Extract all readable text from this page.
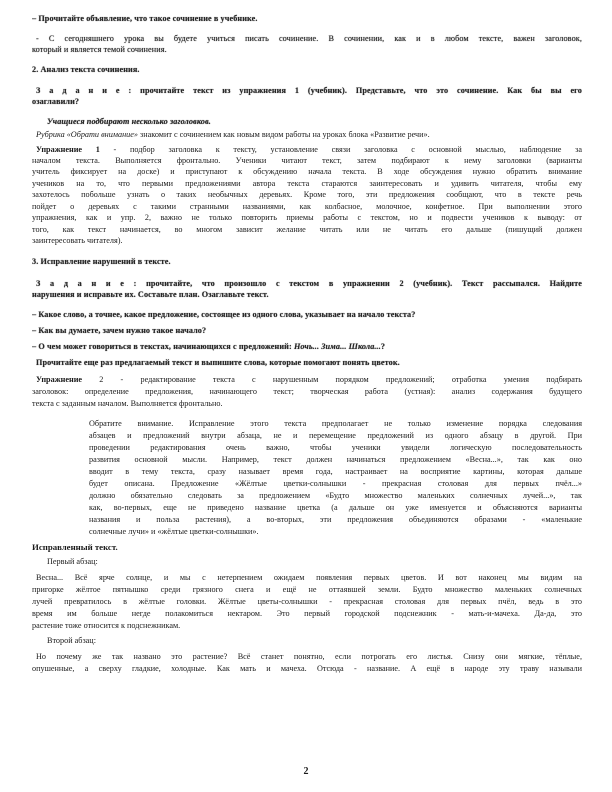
– Прочитайте объявление, что такое сочинение в учебнике.
- С сегодняшнего урока вы будете учиться писать сочинение. В сочинении, как и в любом тексте, важен заголовок,
который и является темой сочинения.
2. Анализ текста сочинения.
З а д а н и е : прочитайте текст из упражнения 1 (учебник). Представьте, что это сочинение. Как бы вы его
озаглавили?
Учащиеся подбирают несколько заголовков.
Рубрика «Обрати внимание» знакомит с сочинением как новым видом работы на уроках блока «Развитие речи».
Упражнение 1 - подбор заголовка к тексту, установление связи заголовка с основной мыслью, наблюдение за
началом текста. Выполняется фронтально. Ученики читают текст, затем подбирают к нему заголовки (варианты
учитель фиксирует на доске) и приступают к обсуждению начала текста. В ходе обсуждения нужно обратить внимание
учеников на то, что первыми предложениями автора текста стараются заинтересовать и удивить читателя, чтобы ему
захотелось побольше узнать о таких необычных деревьях. Кроме того, эти предложения сообщают, что в тексте речь
пойдет о деревьях с такими странными названиями, как колбасное, молочное, конфетное. При выполнении этого
упражнения, как и упр. 2, важно не только повторить приемы работы с текстом, но и подвести учеников к выводу: от
того, как текст начинается, во многом зависит желание читать или не читать его дальше (пишущий должен
заинтересовать читателя).
3. Исправление нарушений в тексте.
З а д а н и е : прочитайте, что произошло с текстом в упражнении 2 (учебник). Текст рассыпался. Найдите
нарушения и исправьте их. Составьте план. Озаглавьте текст.
– Какое слово, а точнее, какое предложение, состоящее из одного слова, указывает на начало текста?
– Как вы думаете, зачем нужно такое начало?
– О чем может говориться в текстах, начинающихся с предложений: Ночь... Зима... Школа...?
Прочитайте еще раз предлагаемый текст и выпишите слова, которые помогают понять цветок.
Упражнение 2 - редактирование текста с нарушенным порядком предложений; отработка умения подбирать
заголовок: определение предложения, начинающего текст; творческая работа (устная): анализ содержания будущего
текста с заданным началом. Выполняется фронтально.
Обратите внимание. Исправление этого текста предполагает не только изменение порядка следования
абзацев и предложений внутри абзаца, не и перемещение предложений из одного абзацу в другой. При
проведении редактирования очень важно, чтобы ученики увидели логическую последовательность
развития основной мысли. Например, текст должен начинаться предложением «Весна...», так как оно
вводит в тему текста, сразу называет время года, настраивает на восприятие картины, которая дальше
будет описана. Предложение «Жёлтые цветки-солнышки - прекрасная столовая для первых пчёл...»
должно обязательно следовать за предложением «Будто множество маленьких солнечных лучей...», так
как, во-первых, еще не приведено название цветка (а дальше он уже именуется и объясняются варианты
названия и польза растения), а во-вторых, эти предложения объединяются образами - «маленькие
солнечные лучи» и «жёлтые цветки-солнышки».
Исправленный текст.
Первый абзац:
Весна... Всё ярче солнце, и мы с нетерпением ожидаем появления первых цветов. И вот наконец мы видим на
пригорке жёлтое пятнышко среди грязного снега и ещё не оттаявшей земли. Будто множество маленьких солнечных
лучей превратилось в жёлтые головки. Жёлтые цветы-солнышки - прекрасная столовая для первых пчёл, ведь в это
время им больше негде полакомиться нектаром. Это первый городской подснежник - мать-и-мачеха. Да-да, это
растение тоже относится к подснежникам.
Второй абзац:
Но почему же так названо это растение? Всё станет понятно, если потрогать его листья. Снизу они мягкие, тёплые,
опушенные, а сверху гладкие, холодные. Как мать и мачеха. Отсюда - название. А ещё в народе эту траву называли
2
